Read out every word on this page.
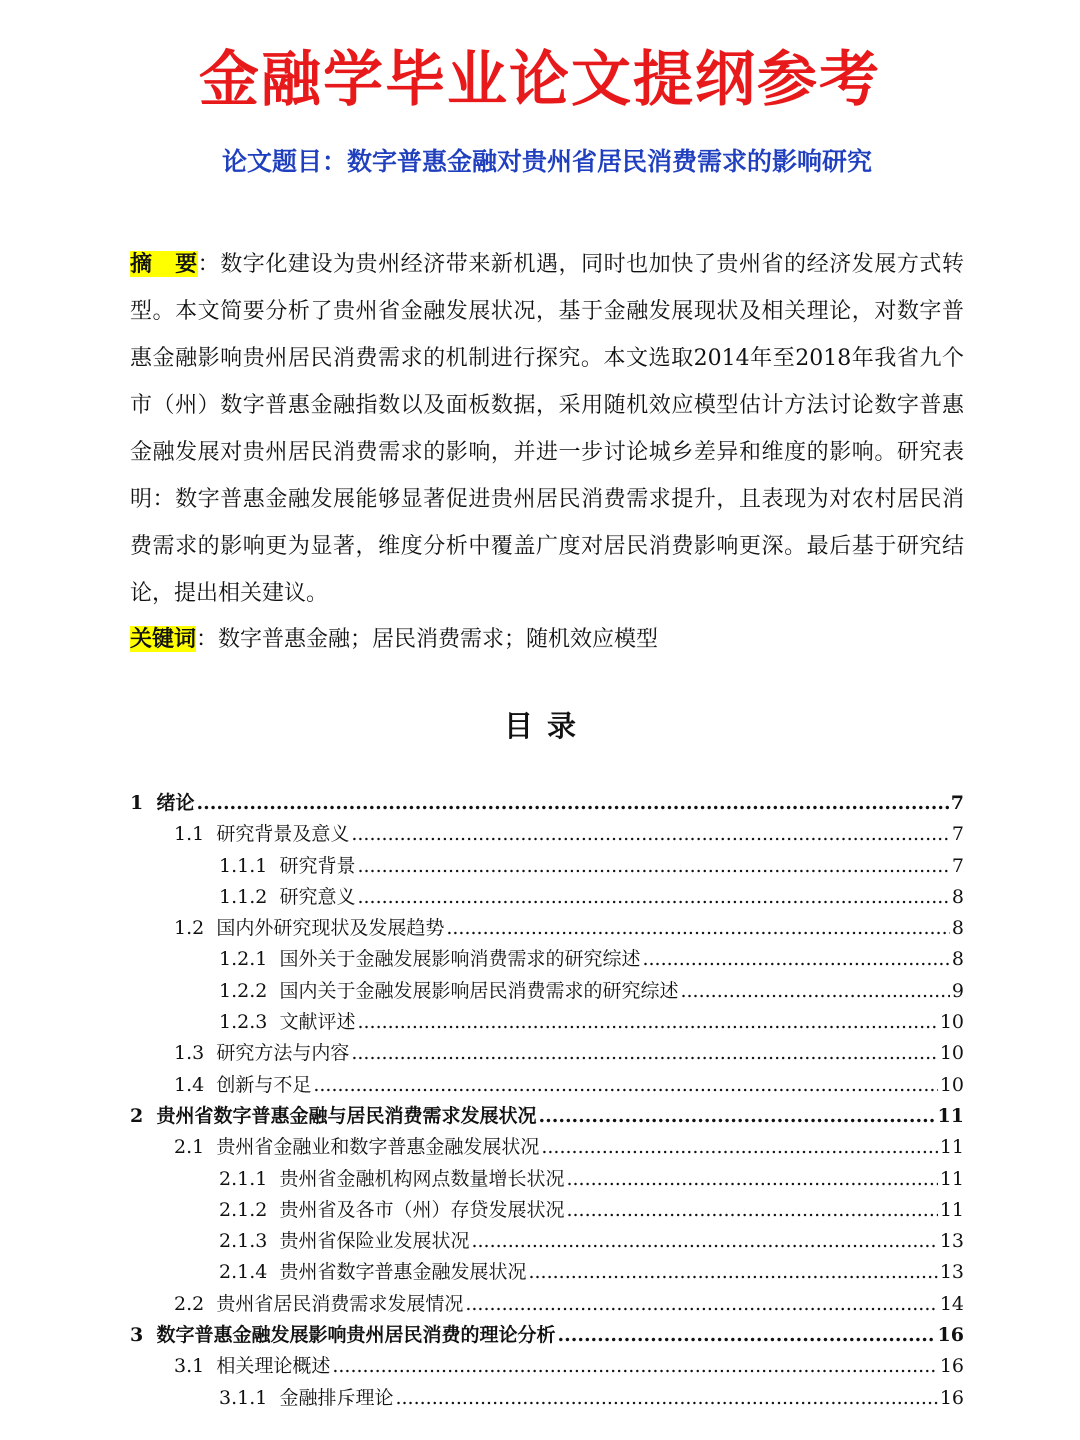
金融学毕业论文提纲参考
论文题目：数字普惠金融对贵州省居民消费需求的影响研究
摘　要：数字化建设为贵州经济带来新机遇，同时也加快了贵州省的经济发展方式转型。本文简要分析了贵州省金融发展状况，基于金融发展现状及相关理论，对数字普惠金融影响贵州居民消费需求的机制进行探究。本文选取2014年至2018年我省九个市（州）数字普惠金融指数以及面板数据，采用随机效应模型估计方法讨论数字普惠金融发展对贵州居民消费需求的影响，并进一步讨论城乡差异和维度的影响。研究表明：数字普惠金融发展能够显著促进贵州居民消费需求提升，且表现为对农村居民消费需求的影响更为显著，维度分析中覆盖广度对居民消费影响更深。最后基于研究结论，提出相关建议。
关键词：数字普惠金融；居民消费需求；随机效应模型
目录
1 绪论 .....	7
1.1 研究背景及意义 .....	7
1.1.1 研究背景 .....	7
1.1.2 研究意义 .....	8
1.2 国内外研究现状及发展趋势 .....	8
1.2.1 国外关于金融发展影响消费需求的研究综述 .....	8
1.2.2 国内关于金融发展影响居民消费需求的研究综述 .....	9
1.2.3 文献评述 .....	10
1.3 研究方法与内容 .....	10
1.4 创新与不足 .....	10
2 贵州省数字普惠金融与居民消费需求发展状况 .....	11
2.1 贵州省金融业和数字普惠金融发展状况 .....	11
2.1.1 贵州省金融机构网点数量增长状况 .....	11
2.1.2 贵州省及各市（州）存贷发展状况 .....	11
2.1.3 贵州省保险业发展状况 .....	13
2.1.4 贵州省数字普惠金融发展状况 .....	13
2.2 贵州省居民消费需求发展情况 .....	14
3 数字普惠金融发展影响贵州居民消费的理论分析 .....	16
3.1 相关理论概述 .....	16
3.1.1 金融排斥理论 .....	16
